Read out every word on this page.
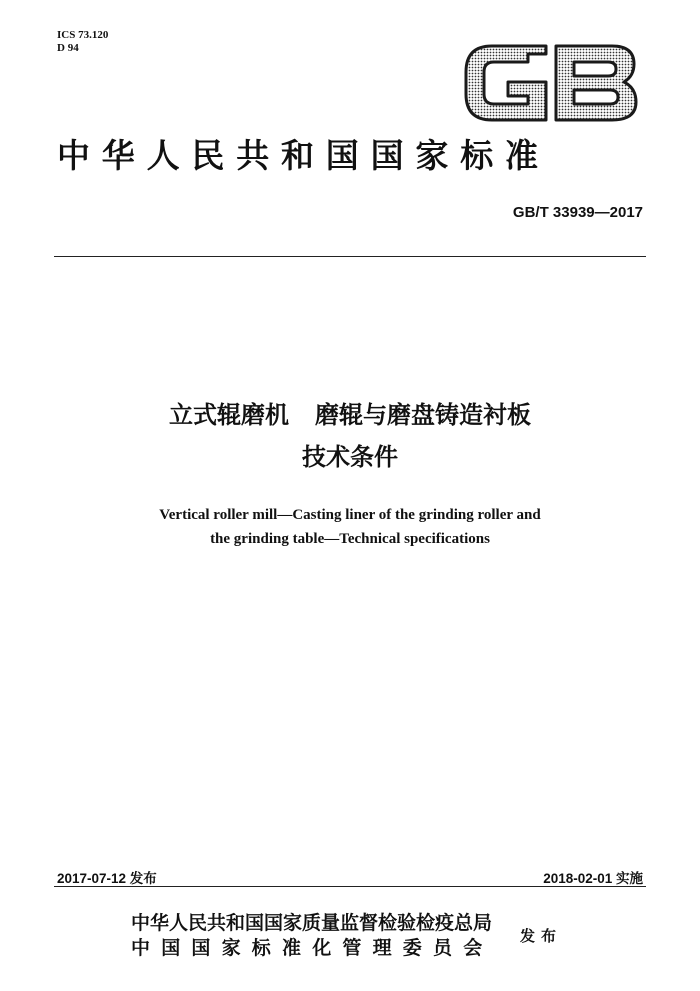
ICS 73.120
D 94
中华人民共和国国家标准
GB/T 33939—2017
立式辊磨机 磨辊与磨盘铸造衬板
技术条件
Vertical roller mill—Casting liner of the grinding roller and
the grinding table—Technical specifications
2017-07-12 发布	2018-02-01 实施
中华人民共和国国家质量监督检验检疫总局
中国国家标准化管理委员会
发布
